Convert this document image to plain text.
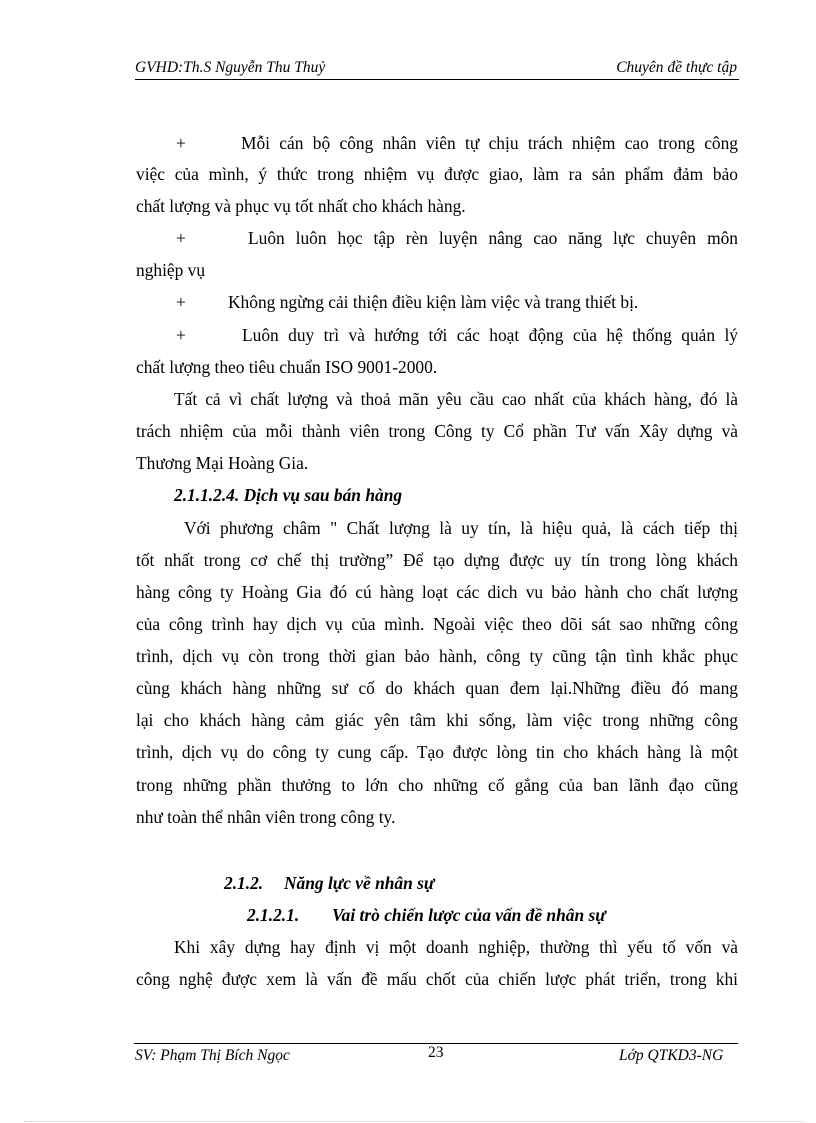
GVHD:Th.S Nguyễn Thu Thuỷ	Chuyên đề thực tập
+	Mỗi cán bộ công nhân viên tự chịu trách nhiệm cao trong công
việc của mình, ý thức trong nhiệm vụ được giao, làm ra sản phẩm đảm bảo
chất lượng và phục vụ tốt nhất cho khách hàng.
+	Luôn luôn học tập rèn luyện nâng cao năng lực chuyên môn
nghiệp vụ
+ Không ngừng cải thiện điều kiện làm việc và trang thiết bị.
+	Luôn duy trì và hướng tới các hoạt động của hệ thống quản lý
chất lượng theo tiêu chuẩn ISO 9001-2000.
Tất cả vì chất lượng và thoả mãn yêu cầu cao nhất của khách hàng, đó là
trách nhiệm của mỗi thành viên trong Công ty Cổ phần Tư vấn Xây dựng và
Thương Mại Hoàng Gia.
2.1.1.2.4. Dịch vụ sau bán hàng
Với phương châm " Chất lượng là uy tín, là hiệu quả, là cách tiếp thị
tốt nhất trong cơ chế thị trường” Để tạo dựng được uy tín trong lòng khách
hàng công ty Hoàng Gia đó cú hàng loạt các dich vu bảo hành cho chất lượng
của công trình hay dịch vụ của mình. Ngoài việc theo dõi sát sao những công
trình, dịch vụ còn trong thời gian bảo hành, công ty cũng tận tình khắc phục
cùng khách hàng những sư cố do khách quan đem lại.Những điều đó mang
lại cho khách hàng cảm giác yên tâm khi sống, làm việc trong những công
trình, dịch vụ do công ty cung cấp. Tạo được lòng tin cho khách hàng là một
trong những phần thưởng to lớn cho những cố gắng của ban lãnh đạo cũng
như toàn thể nhân viên trong công ty.
2.1.2. Năng lực về nhân sự
2.1.2.1. Vai trò chiến lược của vấn đề nhân sự
Khi xây dựng hay định vị một doanh nghiệp, thường thì yếu tố vốn và
công nghệ được xem là vấn đề mấu chốt của chiến lược phát triển, trong khi
SV: Phạm Thị Bích Ngọc	23	Lớp QTKD3-NG
